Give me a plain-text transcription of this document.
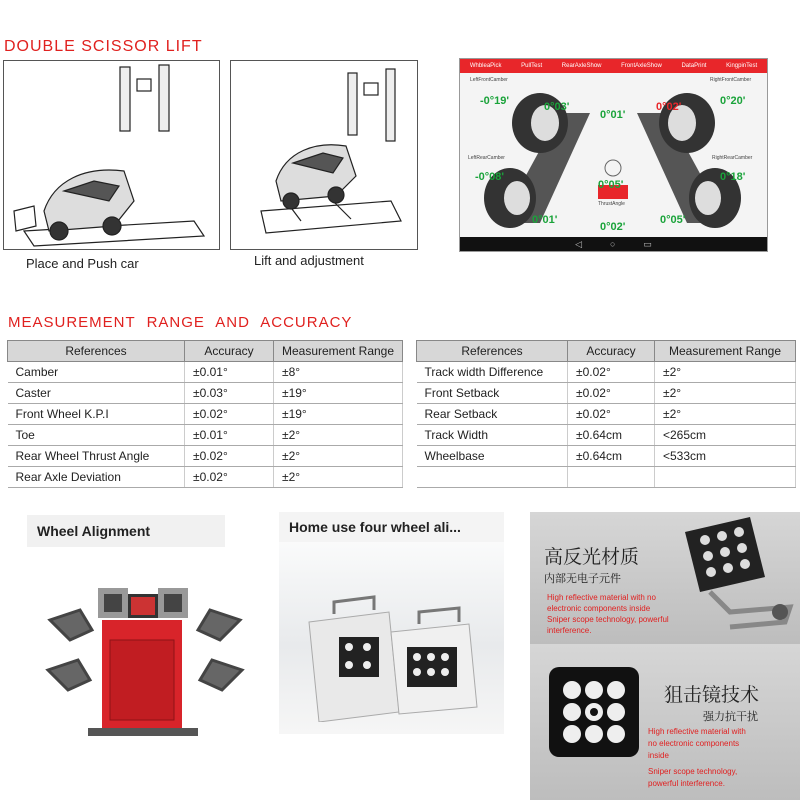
DOUBLE SCISSOR LIFT
Place and Push car	Lift and adjustment
WhbleaPick	PullTest	RearAxleShow	FrontAxleShow	DataPrint	KingpinTest
-0°19'	0°03'
0°01'
0°02'	0°20'
-0°08'
0°05'
0°18'
0°01'
0°02'
0°05'
LeftFrontCamber	RightFrontCamber
LeftRearCamber	RightRearCamber
ThrustAngle
◁	○	▭
MEASUREMENT RANGE AND ACCURACY
References	Accuracy	Measurement Range
Camber	±0.01°	±8°
Caster	±0.03°	±19°
Front Wheel K.P.I	±0.02°	±19°
Toe	±0.01°	±2°
Rear Wheel Thrust Angle	±0.02°	±2°
Rear Axle Deviation	±0.02°	±2°
References	Accuracy	Measurement Range
Track width Difference	±0.02°	±2°
Front Setback	±0.02°	±2°
Rear Setback	±0.02°	±2°
Track Width	±0.64cm	<265cm
Wheelbase	±0.64cm	<533cm

Wheel Alignment	Home use four wheel ali...
高反光材质
内部无电子元件
High reflective material with no
electronic components inside
Sniper scope technology, powerful
interference.
狙击镜技术
强力抗干扰
High reflective material with
no electronic components
inside
Sniper scope technology,
powerful interference.
